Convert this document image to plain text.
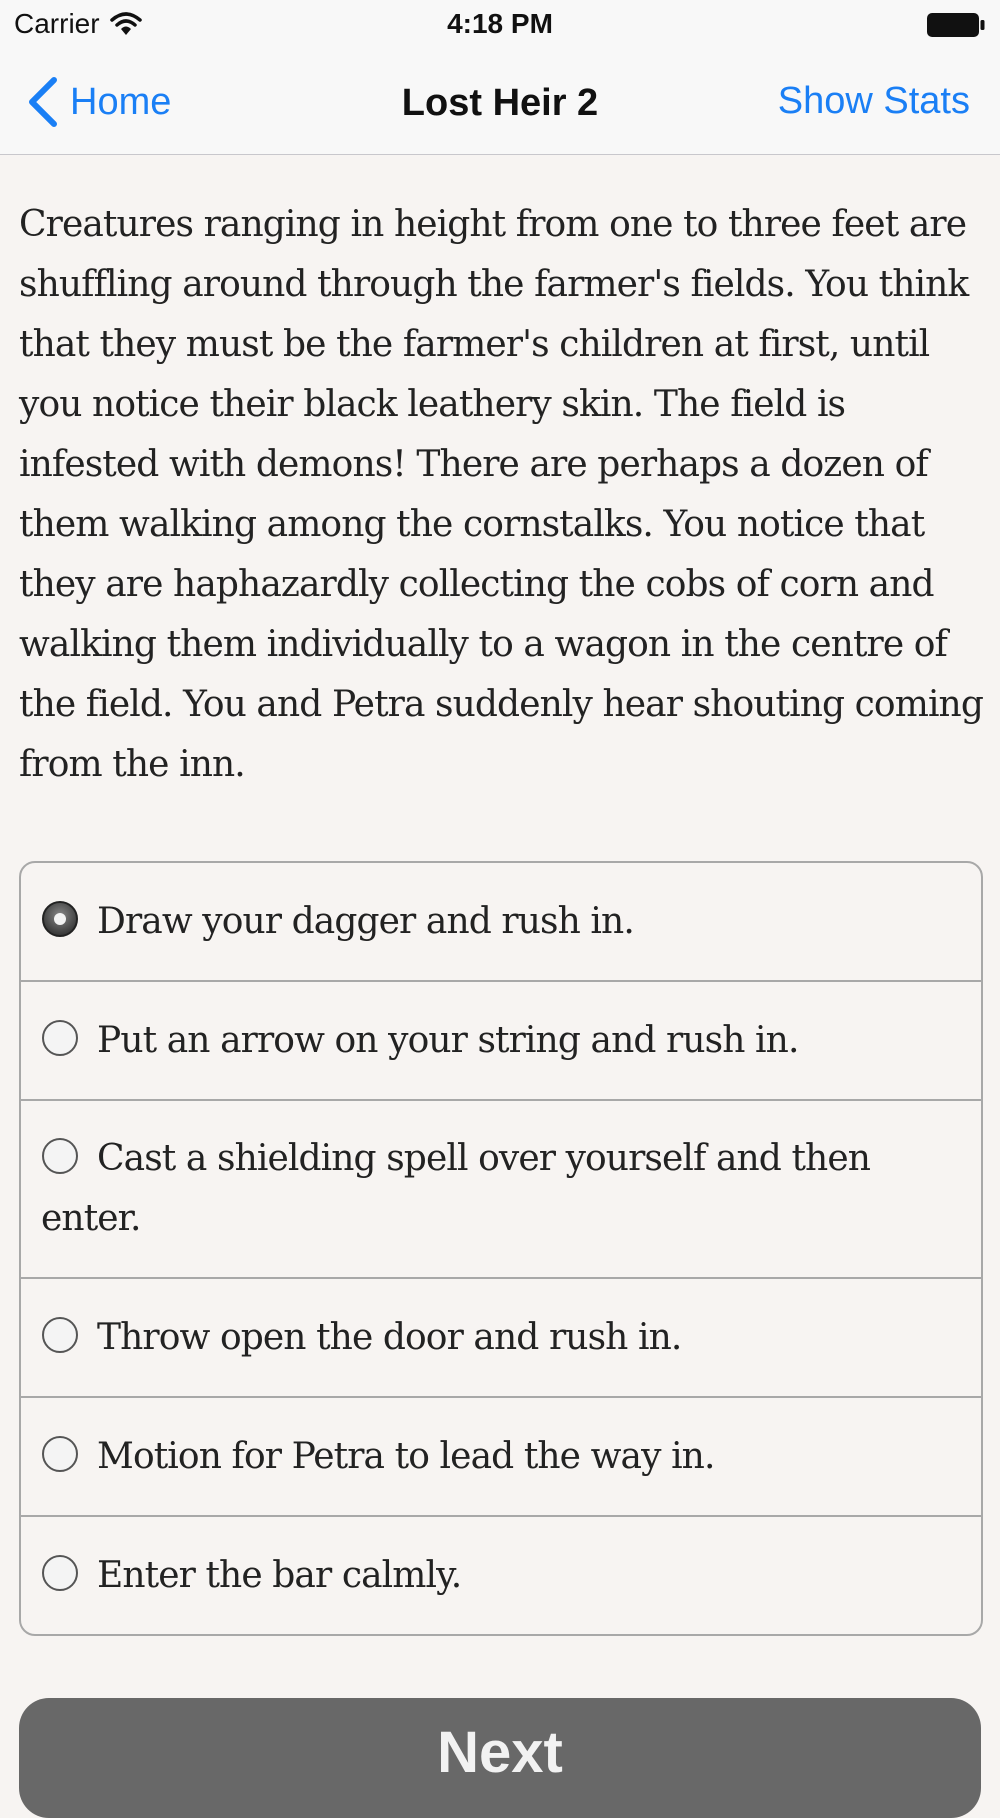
Carrier	4:18 PM
Home	Lost Heir 2	Show Stats

Creatures ranging in height from one to three feet are shuffling around through the farmer's fields. You think that they must be the farmer's children at first, until you notice their black leathery skin. The field is infested with demons! There are perhaps a dozen of them walking among the cornstalks. You notice that they are haphazardly collecting the cobs of corn and walking them individually to a wagon in the centre of the field. You and Petra suddenly hear shouting coming from the inn.

Draw your dagger and rush in.
Put an arrow on your string and rush in.
Cast a shielding spell over yourself and then enter.
Throw open the door and rush in.
Motion for Petra to lead the way in.
Enter the bar calmly.
Next
